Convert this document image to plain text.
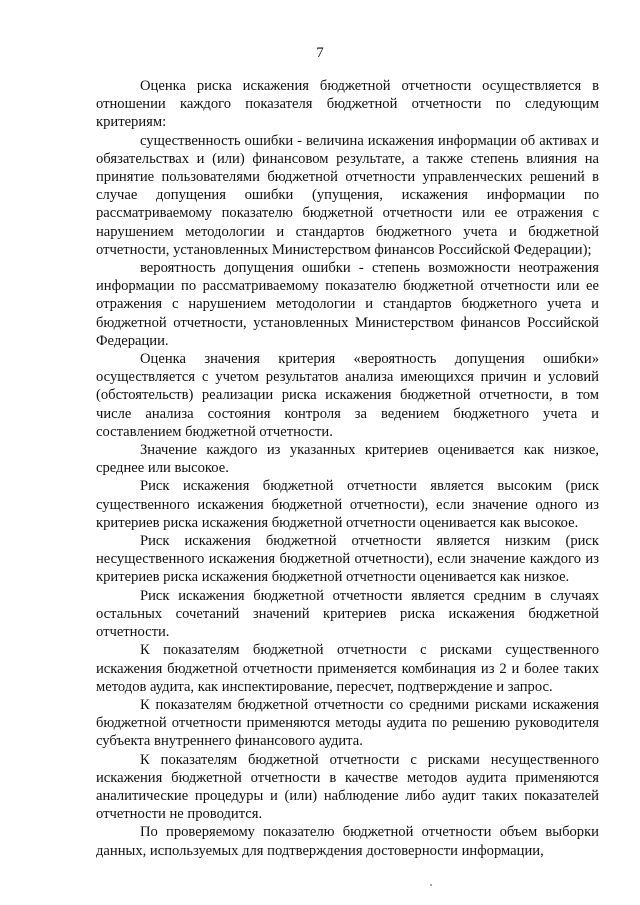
7

Оценка риска искажения бюджетной отчетности осуществляется в отношении каждого показателя бюджетной отчетности по следующим критериям:

существенность ошибки - величина искажения информации об активах и обязательствах и (или) финансовом результате, а также степень влияния на принятие пользователями бюджетной отчетности управленческих решений в случае допущения ошибки (упущения, искажения информации по рассматриваемому показателю бюджетной отчетности или ее отражения с нарушением методологии и стандартов бюджетного учета и бюджетной отчетности, установленных Министерством финансов Российской Федерации);

вероятность допущения ошибки - степень возможности неотражения информации по рассматриваемому показателю бюджетной отчетности или ее отражения с нарушением методологии и стандартов бюджетного учета и бюджетной отчетности, установленных Министерством финансов Российской Федерации.

Оценка значения критерия «вероятность допущения ошибки» осуществляется с учетом результатов анализа имеющихся причин и условий (обстоятельств) реализации риска искажения бюджетной отчетности, в том числе анализа состояния контроля за ведением бюджетного учета и составлением бюджетной отчетности.

Значение каждого из указанных критериев оценивается как низкое, среднее или высокое.

Риск искажения бюджетной отчетности является высоким (риск существенного искажения бюджетной отчетности), если значение одного из критериев риска искажения бюджетной отчетности оценивается как высокое.

Риск искажения бюджетной отчетности является низким (риск несущественного искажения бюджетной отчетности), если значение каждого из критериев риска искажения бюджетной отчетности оценивается как низкое.

Риск искажения бюджетной отчетности является средним в случаях остальных сочетаний значений критериев риска искажения бюджетной отчетности.

К показателям бюджетной отчетности с рисками существенного искажения бюджетной отчетности применяется комбинация из 2 и более таких методов аудита, как инспектирование, пересчет, подтверждение и запрос.

К показателям бюджетной отчетности со средними рисками искажения бюджетной отчетности применяются методы аудита по решению руководителя субъекта внутреннего финансового аудита.

К показателям бюджетной отчетности с рисками несущественного искажения бюджетной отчетности в качестве методов аудита применяются аналитические процедуры и (или) наблюдение либо аудит таких показателей отчетности не проводится.

По проверяемому показателю бюджетной отчетности объем выборки данных, используемых для подтверждения достоверности информации,
